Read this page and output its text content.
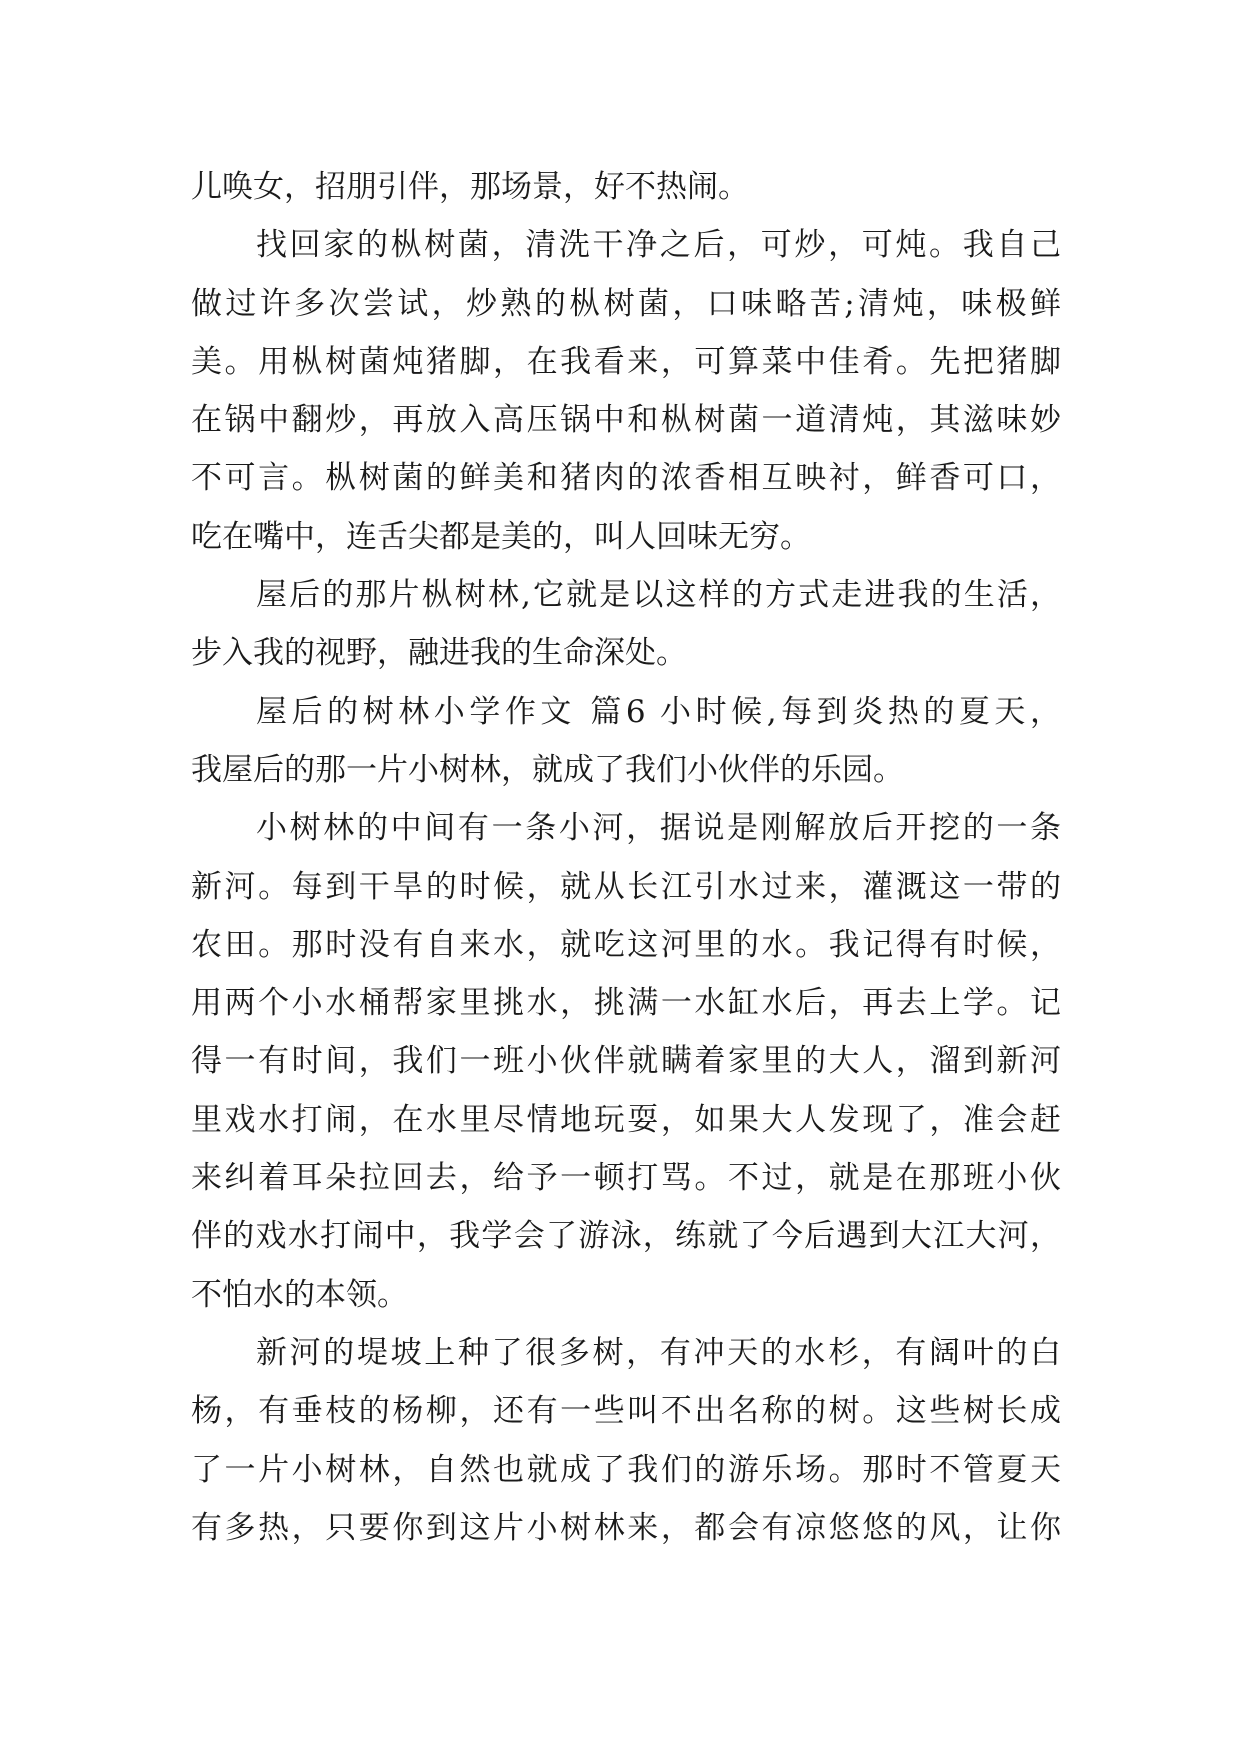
儿唤女，招朋引伴，那场景，好不热闹。
找回家的枞树菌，清洗干净之后，可炒，可炖。我自己
做过许多次尝试，炒熟的枞树菌，口味略苦;清炖，味极鲜
美。用枞树菌炖猪脚，在我看来，可算菜中佳肴。先把猪脚
在锅中翻炒，再放入高压锅中和枞树菌一道清炖，其滋味妙
不可言。枞树菌的鲜美和猪肉的浓香相互映衬，鲜香可口，
吃在嘴中，连舌尖都是美的，叫人回味无穷。
屋后的那片枞树林,它就是以这样的方式走进我的生活，
步入我的视野，融进我的生命深处。
屋后的树林小学作文 篇6 小时候,每到炎热的夏天，
我屋后的那一片小树林，就成了我们小伙伴的乐园。
小树林的中间有一条小河，据说是刚解放后开挖的一条
新河。每到干旱的时候，就从长江引水过来，灌溉这一带的
农田。那时没有自来水，就吃这河里的水。我记得有时候，
用两个小水桶帮家里挑水，挑满一水缸水后，再去上学。记
得一有时间，我们一班小伙伴就瞒着家里的大人，溜到新河
里戏水打闹，在水里尽情地玩耍，如果大人发现了，准会赶
来纠着耳朵拉回去，给予一顿打骂。不过，就是在那班小伙
伴的戏水打闹中，我学会了游泳，练就了今后遇到大江大河，
不怕水的本领。
新河的堤坡上种了很多树，有冲天的水杉，有阔叶的白
杨，有垂枝的杨柳，还有一些叫不出名称的树。这些树长成
了一片小树林，自然也就成了我们的游乐场。那时不管夏天
有多热，只要你到这片小树林来，都会有凉悠悠的风，让你
